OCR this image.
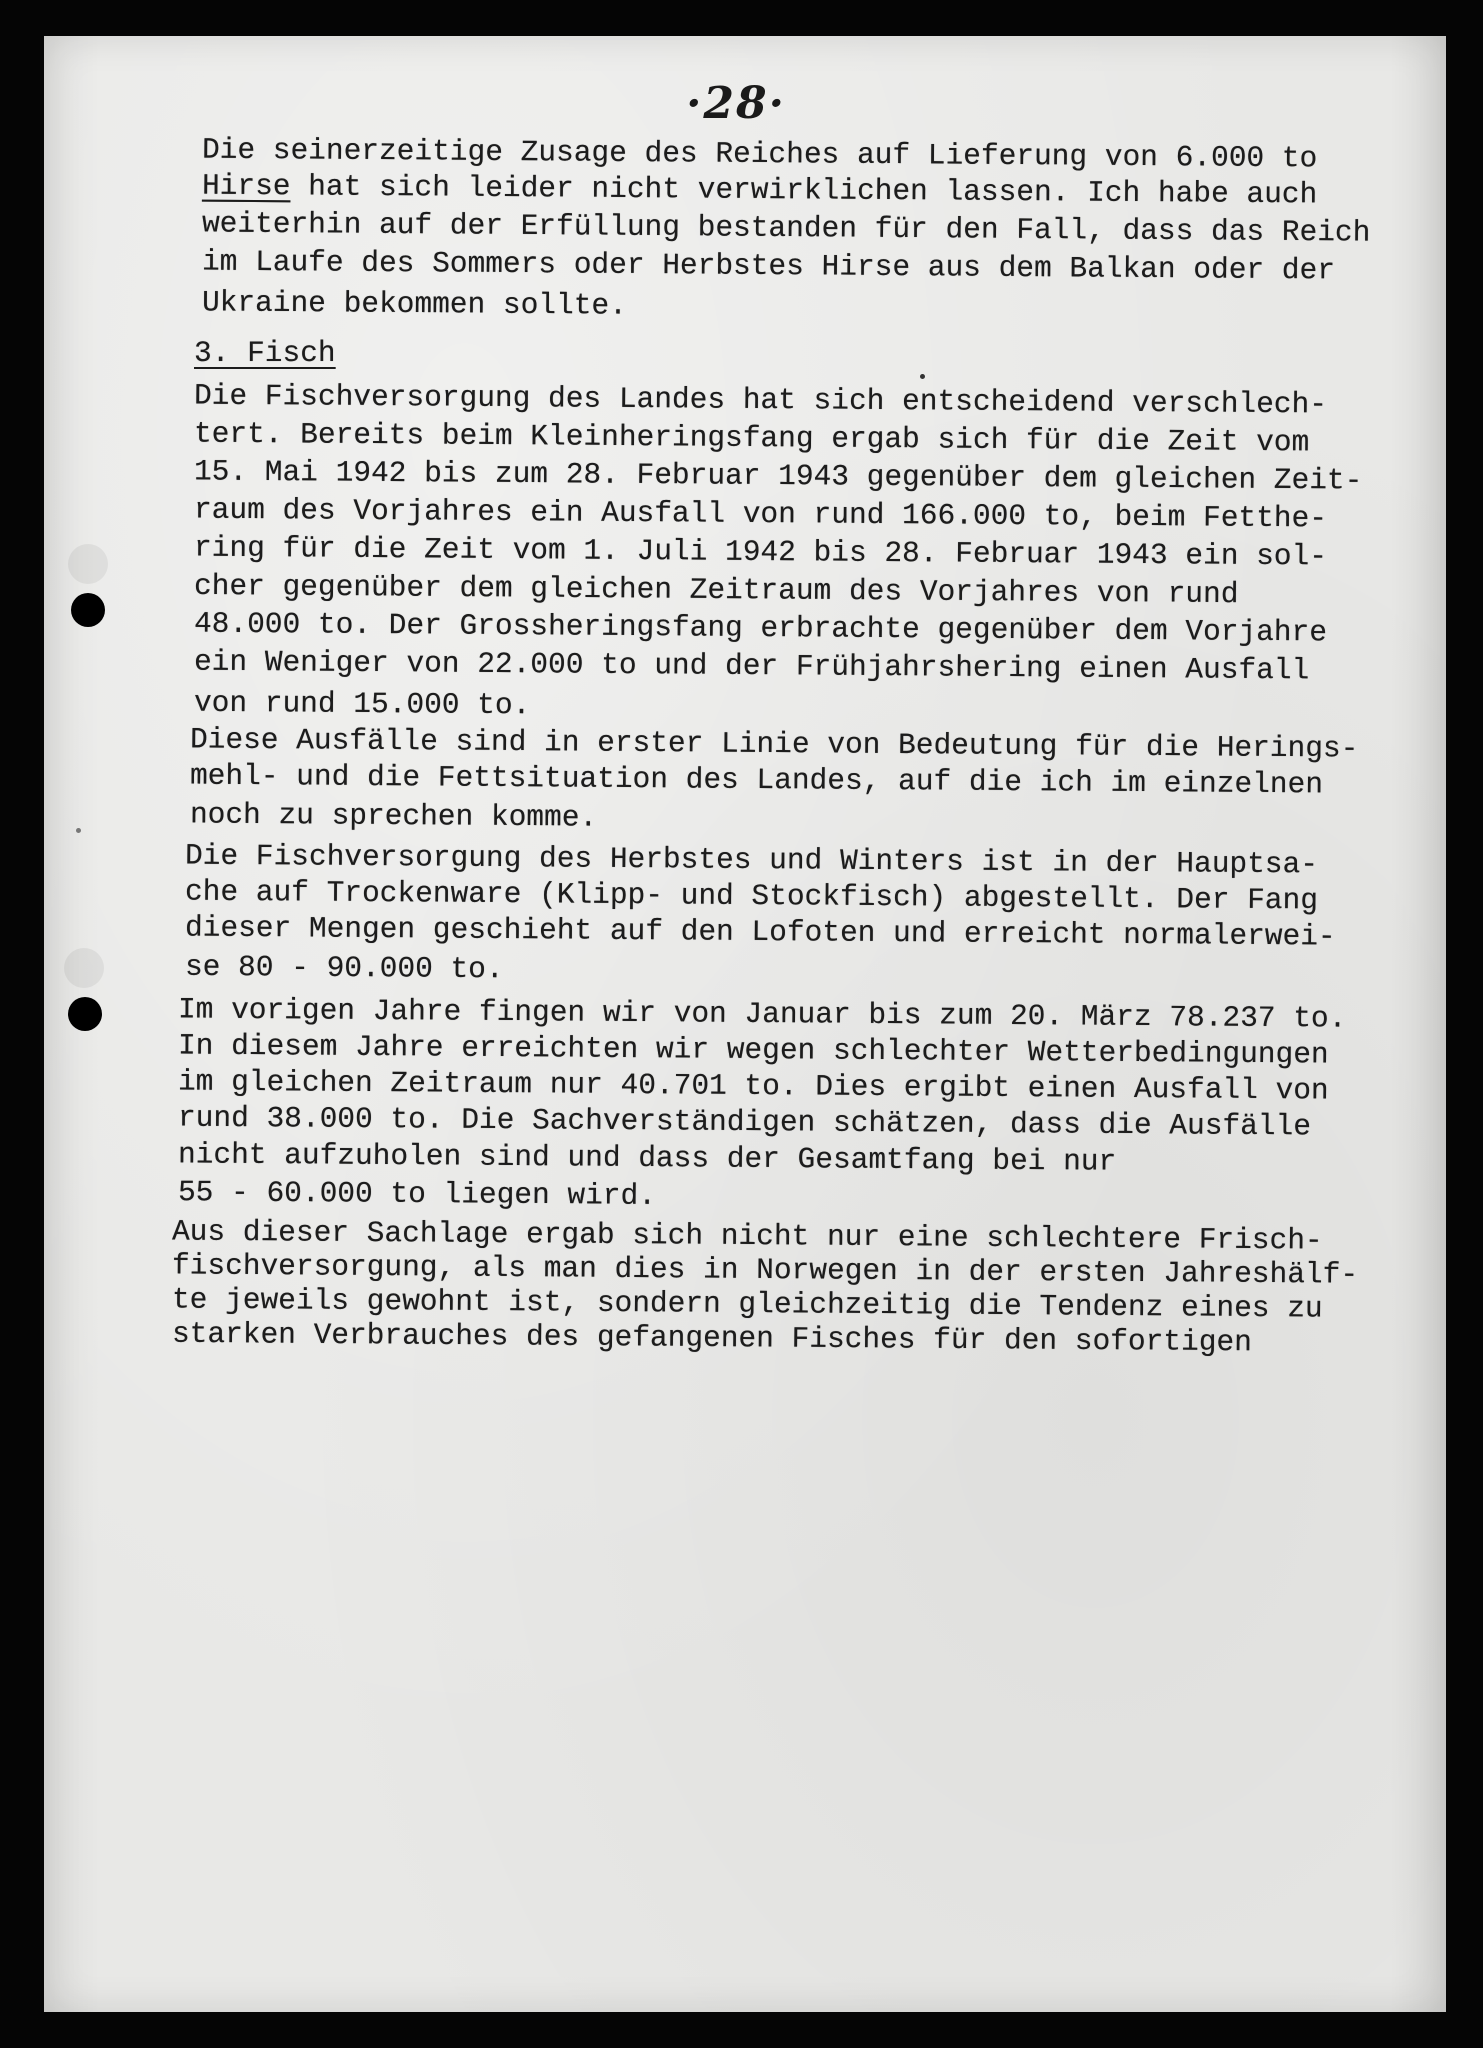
·28·

Die seinerzeitige Zusage des Reiches auf Lieferung von 6.000 to

Hirse hat sich leider nicht verwirklichen lassen. Ich habe auch

weiterhin auf der Erfüllung bestanden für den Fall, dass das Reich

im Laufe des Sommers oder Herbstes Hirse aus dem Balkan oder der

Ukraine bekommen sollte.

3. Fisch

Die Fischversorgung des Landes hat sich entscheidend verschlech-

tert. Bereits beim Kleinheringsfang ergab sich für die Zeit vom

15. Mai 1942 bis zum 28. Februar 1943 gegenüber dem gleichen Zeit-

raum des Vorjahres ein Ausfall von rund 166.000 to, beim Fetthe-

ring für die Zeit vom 1. Juli 1942 bis 28. Februar 1943 ein sol-

cher gegenüber dem gleichen Zeitraum des Vorjahres von rund

48.000 to. Der Grossheringsfang erbrachte gegenüber dem Vorjahre

ein Weniger von 22.000 to und der Frühjahrshering einen Ausfall

von rund 15.000 to.

Diese Ausfälle sind in erster Linie von Bedeutung für die Herings-

mehl- und die Fettsituation des Landes, auf die ich im einzelnen

noch zu sprechen komme.

Die Fischversorgung des Herbstes und Winters ist in der Hauptsa-

che auf Trockenware (Klipp- und Stockfisch) abgestellt. Der Fang

dieser Mengen geschieht auf den Lofoten und erreicht normalerwei-

se 80 - 90.000 to.

Im vorigen Jahre fingen wir von Januar bis zum 20. März 78.237 to.

In diesem Jahre erreichten wir wegen schlechter Wetterbedingungen

im gleichen Zeitraum nur 40.701 to. Dies ergibt einen Ausfall von

rund 38.000 to. Die Sachverständigen schätzen, dass die Ausfälle

nicht aufzuholen sind und dass der Gesamtfang bei nur

55 - 60.000 to liegen wird.

Aus dieser Sachlage ergab sich nicht nur eine schlechtere Frisch-

fischversorgung, als man dies in Norwegen in der ersten Jahreshälf-

te jeweils gewohnt ist, sondern gleichzeitig die Tendenz eines zu

starken Verbrauches des gefangenen Fisches für den sofortigen
